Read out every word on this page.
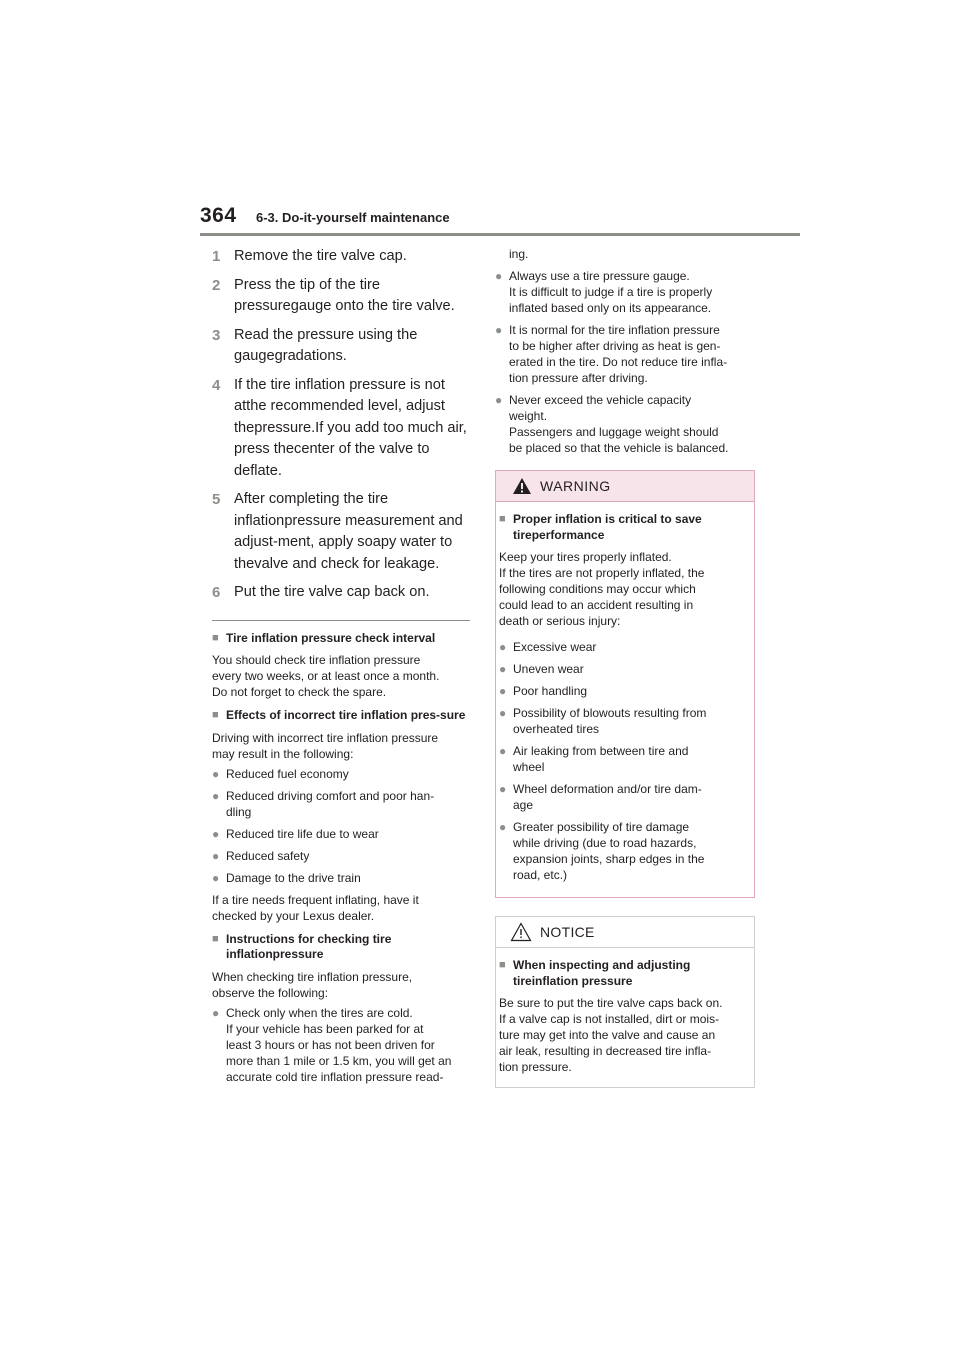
364 6-3. Do-it-yourself maintenance
1 Remove the tire valve cap.

2 Press the tip of the tire pressuregauge onto the tire valve.

3 Read the pressure using the gaugegradations.

4 If the tire inflation pressure is not atthe recommended level, adjust thepressure.If you add too much air, press thecenter of the valve to deflate.

5 After completing the tire inflationpressure measurement and adjust-ment, apply soapy water to thevalve and check for leakage.

6 Put the tire valve cap back on.

■ Tire inflation pressure check interval
You should check tire inflation pressure
every two weeks, or at least once a month.
Do not forget to check the spare.
■ Effects of incorrect tire inflation pres-sure
Driving with incorrect tire inflation pressure
may result in the following:
● Reduced fuel economy
● Reduced driving comfort and poor han-
dling
● Reduced tire life due to wear
● Reduced safety
● Damage to the drive train
If a tire needs frequent inflating, have it
checked by your Lexus dealer.
■ Instructions for checking tire inflationpressure
When checking tire inflation pressure,
observe the following:
● Check only when the tires are cold.
If your vehicle has been parked for at
least 3 hours or has not been driven for
more than 1 mile or 1.5 km, you will get an
accurate cold tire inflation pressure read-
ing.
● Always use a tire pressure gauge.
It is difficult to judge if a tire is properly
inflated based only on its appearance.
● It is normal for the tire inflation pressure
to be higher after driving as heat is gen-
erated in the tire. Do not reduce tire infla-
tion pressure after driving.
● Never exceed the vehicle capacity
weight.
Passengers and luggage weight should
be placed so that the vehicle is balanced.
WARNING
■ Proper inflation is critical to save tireperformance
Keep your tires properly inflated.
If the tires are not properly inflated, the
following conditions may occur which
could lead to an accident resulting in
death or serious injury:
● Excessive wear
● Uneven wear
● Poor handling
● Possibility of blowouts resulting from
overheated tires
● Air leaking from between tire and
wheel
● Wheel deformation and/or tire dam-
age
● Greater possibility of tire damage
while driving (due to road hazards,
expansion joints, sharp edges in the
road, etc.)
NOTICE
■ When inspecting and adjusting tireinflation pressure
Be sure to put the tire valve caps back on.
If a valve cap is not installed, dirt or mois-
ture may get into the valve and cause an
air leak, resulting in decreased tire infla-
tion pressure.
